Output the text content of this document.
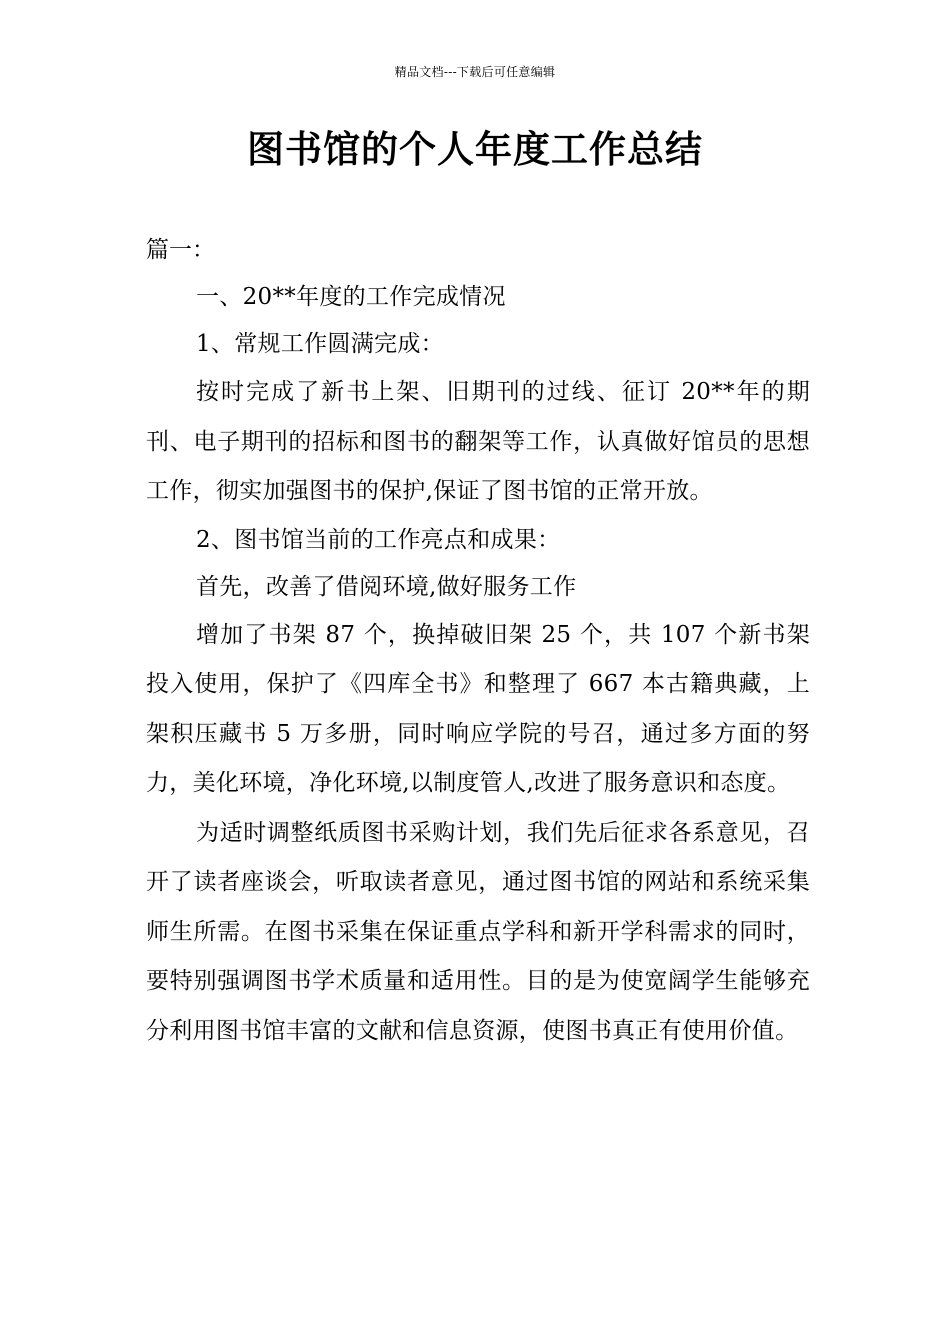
精品文档---下载后可任意编辑
图书馆的个人年度工作总结

篇一：

一、20**年度的工作完成情况

1、常规工作圆满完成：

按时完成了新书上架、旧期刊的过线、征订 20**年的期刊、电子期刊的招标和图书的翻架等工作，认真做好馆员的思想工作，彻实加强图书的保护,保证了图书馆的正常开放。

2、图书馆当前的工作亮点和成果：

首先，改善了借阅环境,做好服务工作

增加了书架 87 个，换掉破旧架 25 个，共 107 个新书架投入使用，保护了《四库全书》和整理了 667 本古籍典藏，上架积压藏书 5 万多册，同时响应学院的号召，通过多方面的努力，美化环境，净化环境,以制度管人,改进了服务意识和态度。

为适时调整纸质图书采购计划，我们先后征求各系意见，召开了读者座谈会，听取读者意见，通过图书馆的网站和系统采集师生所需。在图书采集在保证重点学科和新开学科需求的同时，要特别强调图书学术质量和适用性。目的是为使宽阔学生能够充分利用图书馆丰富的文献和信息资源，使图书真正有使用价值。
